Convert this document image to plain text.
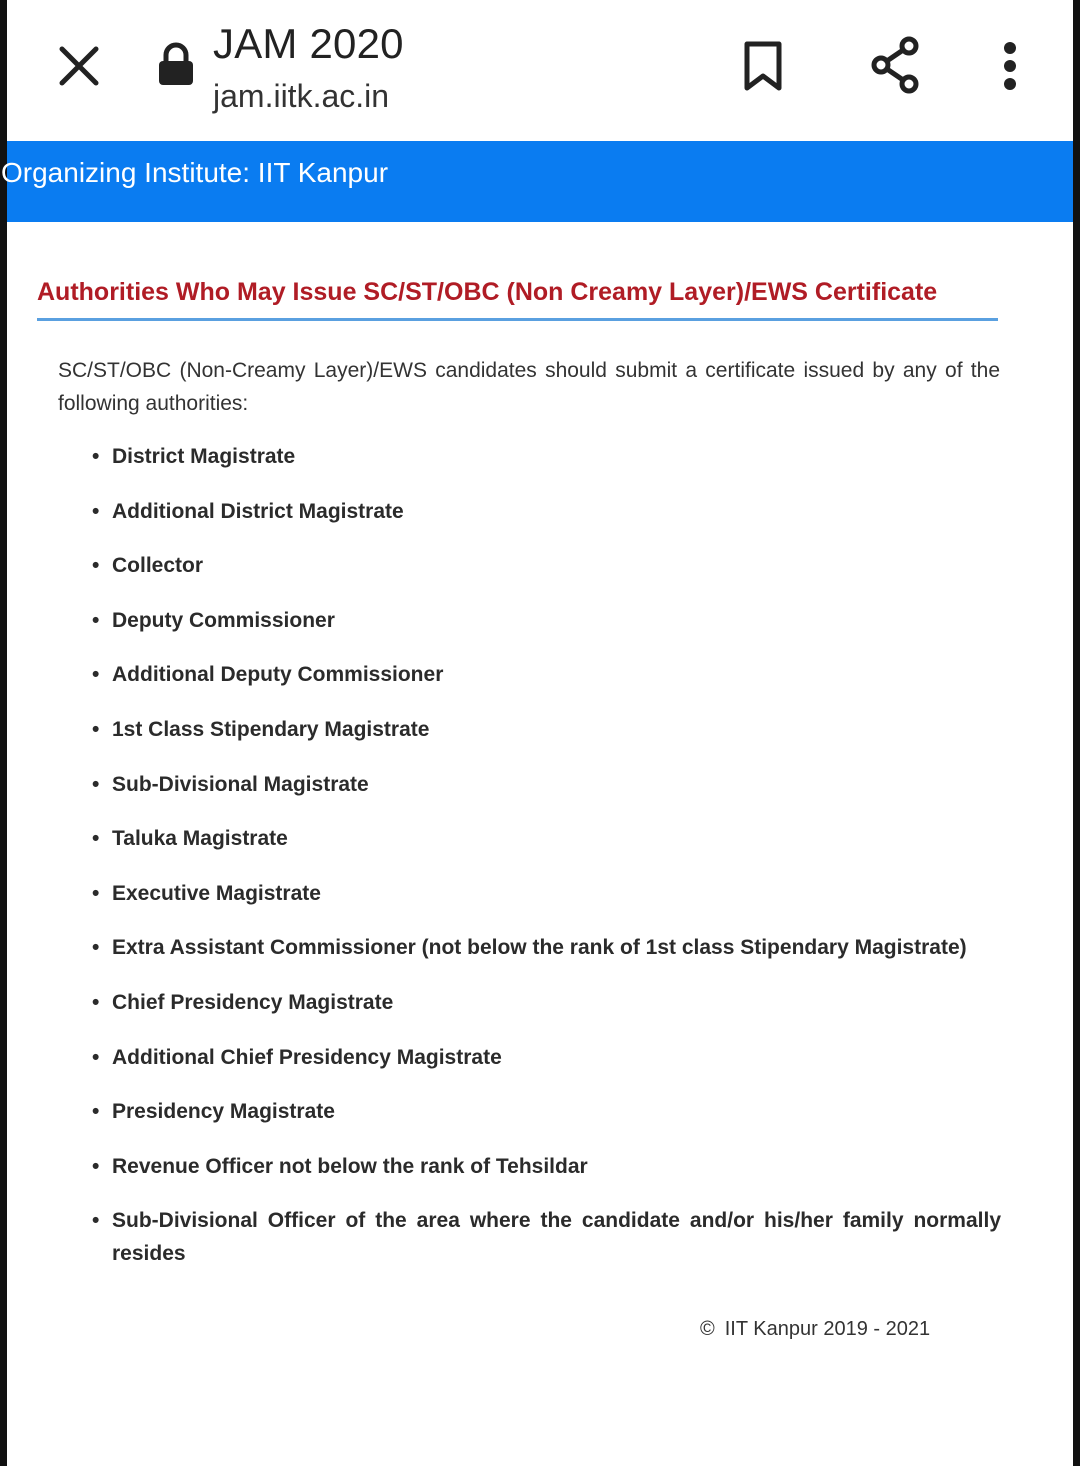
JAM 2020
jam.iitk.ac.in
Organizing Institute: IIT Kanpur
Authorities Who May Issue SC/ST/OBC (Non Creamy Layer)/EWS Certificate
SC/ST/OBC (Non-Creamy Layer)/EWS candidates should submit a certificate issued by any of the following authorities:
• District Magistrate
• Additional District Magistrate
• Collector
• Deputy Commissioner
• Additional Deputy Commissioner
• 1st Class Stipendary Magistrate
• Sub-Divisional Magistrate
• Taluka Magistrate
• Executive Magistrate
• Extra Assistant Commissioner (not below the rank of 1st class Stipendary Magistrate)
• Chief Presidency Magistrate
• Additional Chief Presidency Magistrate
• Presidency Magistrate
• Revenue Officer not below the rank of Tehsildar
• Sub-Divisional Officer of the area where the candidate and/or his/her family normally resides
© IIT Kanpur 2019 - 2021
